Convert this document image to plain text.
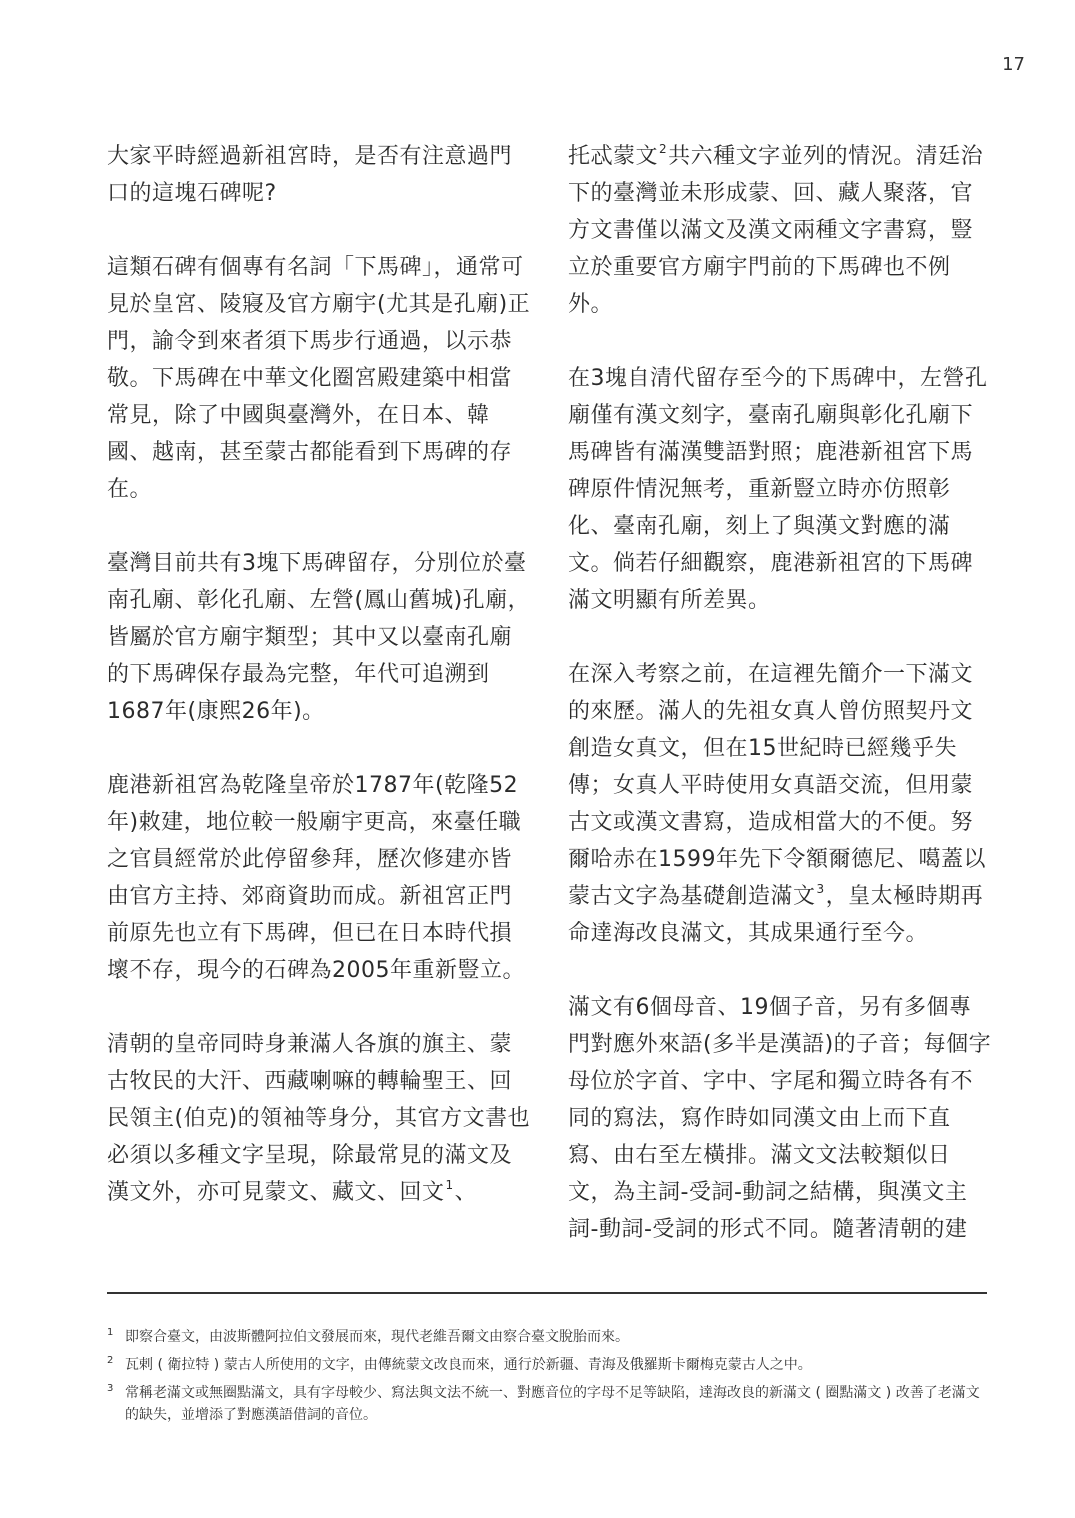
17

大家平時經過新祖宮時，是否有注意過門口的這塊石碑呢?

這類石碑有個專有名詞「下馬碑」，通常可見於皇宮、陵寢及官方廟宇(尤其是孔廟)正門，諭令到來者須下馬步行通過，以示恭敬。下馬碑在中華文化圈宮殿建築中相當常見，除了中國與臺灣外，在日本、韓國、越南，甚至蒙古都能看到下馬碑的存在。

臺灣目前共有3塊下馬碑留存，分別位於臺南孔廟、彰化孔廟、左營(鳳山舊城)孔廟，皆屬於官方廟宇類型；其中又以臺南孔廟的下馬碑保存最為完整，年代可追溯到1687年(康熙26年)。

鹿港新祖宮為乾隆皇帝於1787年(乾隆52年)敕建，地位較一般廟宇更高，來臺任職之官員經常於此停留參拜，歷次修建亦皆由官方主持、郊商資助而成。新祖宮正門前原先也立有下馬碑，但已在日本時代損壞不存，現今的石碑為2005年重新豎立。

清朝的皇帝同時身兼滿人各旗的旗主、蒙古牧民的大汗、西藏喇嘛的轉輪聖王、回民領主(伯克)的領袖等身分，其官方文書也必須以多種文字呈現，除最常見的滿文及漢文外，亦可見蒙文、藏文、回文$^1$、

托忒蒙文$^2$共六種文字並列的情況。清廷治下的臺灣並未形成蒙、回、藏人聚落，官方文書僅以滿文及漢文兩種文字書寫，豎立於重要官方廟宇門前的下馬碑也不例外。

在3塊自清代留存至今的下馬碑中，左營孔廟僅有漢文刻字，臺南孔廟與彰化孔廟下馬碑皆有滿漢雙語對照；鹿港新祖宮下馬碑原件情況無考，重新豎立時亦仿照彰化、臺南孔廟，刻上了與漢文對應的滿文。倘若仔細觀察，鹿港新祖宮的下馬碑滿文明顯有所差異。

在深入考察之前，在這裡先簡介一下滿文的來歷。滿人的先祖女真人曾仿照契丹文創造女真文，但在15世紀時已經幾乎失傳；女真人平時使用女真語交流，但用蒙古文或漢文書寫，造成相當大的不便。努爾哈赤在1599年先下令額爾德尼、噶蓋以蒙古文字為基礎創造滿文$^3$，皇太極時期再命達海改良滿文，其成果通行至今。

滿文有6個母音、19個子音，另有多個專門對應外來語(多半是漢語)的子音；每個字母位於字首、字中、字尾和獨立時各有不同的寫法，寫作時如同漢文由上而下直寫、由右至左橫排。滿文文法較類似日文，為主詞-受詞-動詞之結構，與漢文主詞-動詞-受詞的形式不同。隨著清朝的建

1 即察合臺文，由波斯體阿拉伯文發展而來，現代老維吾爾文由察合臺文脫胎而來。
2 瓦剌 ( 衛拉特 ) 蒙古人所使用的文字，由傳統蒙文改良而來，通行於新疆、青海及俄羅斯卡爾梅克蒙古人之中。
3 常稱老滿文或無圈點滿文，具有字母較少、寫法與文法不統一、對應音位的字母不足等缺陷，達海改良的新滿文 ( 圈點滿文 ) 改善了老滿文的缺失，並增添了對應漢語借詞的音位。
